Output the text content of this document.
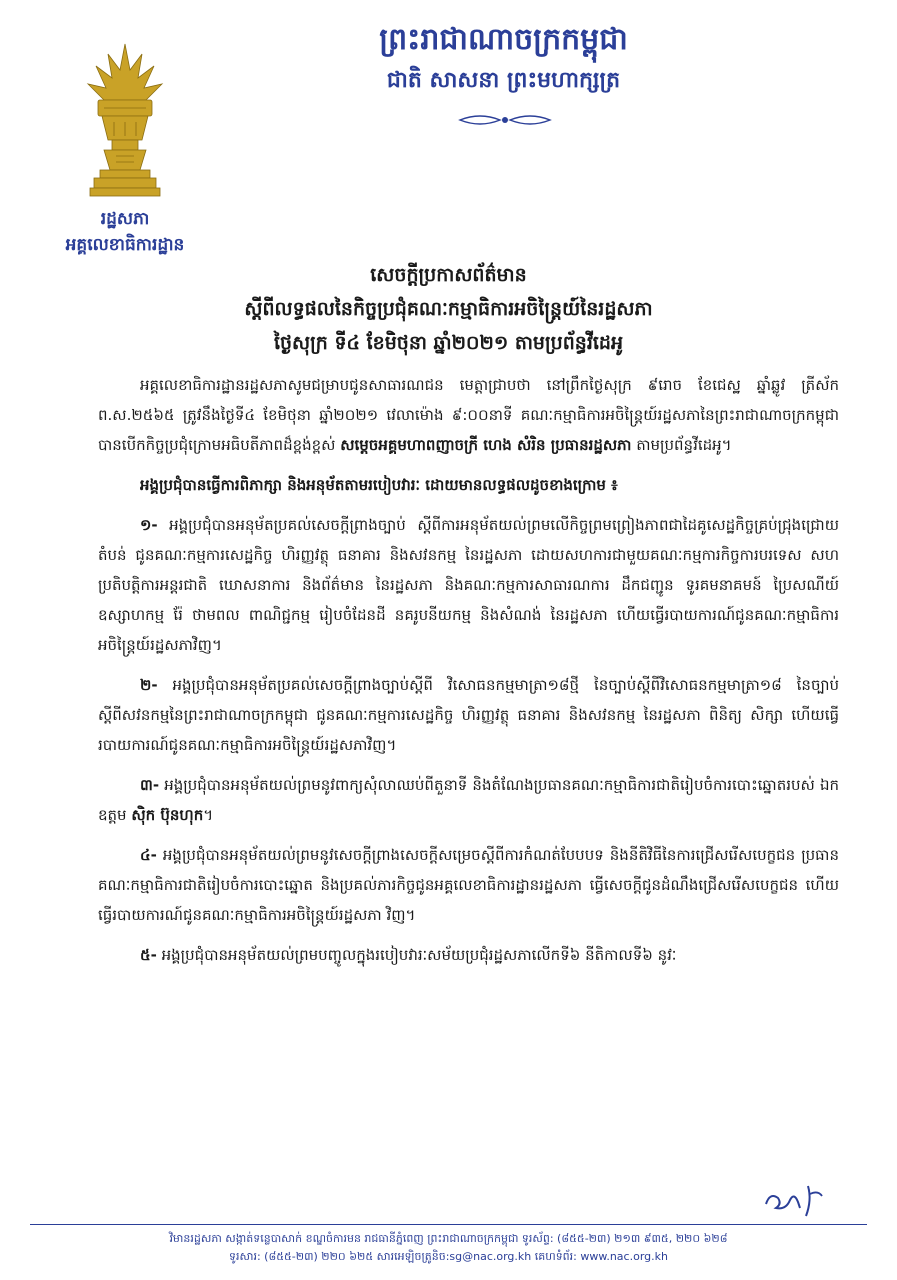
ព្រះរាជាណាចក្រកម្ពុជា
ជាតិ សាសនា ព្រះមហាក្សត្រ
រដ្ឋសភា
អគ្គលេខាធិការដ្ឋាន
សេចក្តីប្រកាសព័ត៌មាន
ស្តីពីលទ្ធផលនៃកិច្ចប្រជុំគណៈកម្មាធិការអចិន្ត្រៃយ៍នៃរដ្ឋសភា
ថ្ងៃសុក្រ ទី៤ ខែមិថុនា ឆ្នាំ២០២១ តាមប្រព័ន្ធវីដេអូ

អគ្គលេខាធិការដ្ឋានរដ្ឋសភាសូមជម្រាបជូនសាធារណជន មេត្តាជ្រាបថា នៅព្រឹកថ្ងៃសុក្រ ៩រោច ខែជេស្ឋ ឆ្នាំឆ្លូវ ត្រីស័ក ព.ស.២៥៦៥ ត្រូវនឹងថ្ងៃទី៤ ខែមិថុនា ឆ្នាំ២០២១ វេលាម៉ោង ៩:០០នាទី គណៈកម្មាធិការអចិន្ត្រៃយ៍រដ្ឋសភានៃព្រះរាជាណាចក្រកម្ពុជា បានបើកកិច្ចប្រជុំក្រោមអធិបតីភាពដ៏ខ្ពង់ខ្ពស់ សម្តេចអគ្គមហាពញាចក្រី ហេង សំរិន ប្រធានរដ្ឋសភា តាមប្រព័ន្ធវីដេអូ។

អង្គប្រជុំបានធ្វើការពិភាក្សា និងអនុម័តតាមរបៀបវារៈ ដោយមានលទ្ធផលដូចខាងក្រោម ៖

១- អង្គប្រជុំបានអនុម័តប្រគល់សេចក្តីព្រាងច្បាប់ ស្តីពីការអនុម័តយល់ព្រមលើកិច្ចព្រមព្រៀងភាពជាដៃគូសេដ្ឋកិច្ចគ្រប់ជ្រុងជ្រោយតំបន់ ជូនគណៈកម្មការសេដ្ឋកិច្ច ហិរញ្ញវត្ថុ ធនាគារ និងសវនកម្ម នៃរដ្ឋសភា ដោយសហការជាមួយគណៈកម្មការកិច្ចការបរទេស សហប្រតិបត្តិការអន្តរជាតិ ឃោសនាការ និងព័ត៌មាន នៃរដ្ឋសភា និងគណៈកម្មការសាធារណការ ដឹកជញ្ជូន ទូរគមនាគមន៍ ប្រៃសណីយ៍ ឧស្សាហកម្ម រ៉ែ ថាមពល ពាណិជ្ជកម្ម រៀបចំដែនដី នគរូបនីយកម្ម និងសំណង់ នៃរដ្ឋសភា ហើយធ្វើរបាយការណ៍ជូនគណៈកម្មាធិការអចិន្ត្រៃយ៍រដ្ឋសភាវិញ។

២- អង្គប្រជុំបានអនុម័តប្រគល់សេចក្តីព្រាងច្បាប់ស្តីពី វិសោធនកម្មមាត្រា១៨ថ្មី នៃច្បាប់ស្តីពីវិសោធនកម្មមាត្រា១៨ នៃច្បាប់ស្តីពីសវនកម្មនៃព្រះរាជាណាចក្រកម្ពុជា ជូនគណៈកម្មការសេដ្ឋកិច្ច ហិរញ្ញវត្ថុ ធនាគារ និងសវនកម្ម នៃរដ្ឋសភា ពិនិត្យ សិក្សា ហើយធ្វើរបាយការណ៍ជូនគណៈកម្មាធិការអចិន្ត្រៃយ៍រដ្ឋសភាវិញ។

៣- អង្គប្រជុំបានអនុម័តយល់ព្រមនូវពាក្យសុំលាឈប់ពីតួនាទី និងតំណែងប្រធានគណៈកម្មាធិការជាតិរៀបចំការបោះឆ្នោតរបស់ ឯកឧត្តម ស៊ិក ប៊ុនហុក។

៤- អង្គប្រជុំបានអនុម័តយល់ព្រមនូវសេចក្តីព្រាងសេចក្តីសម្រេចស្តីពីការកំណត់បែបបទ និងនីតិវិធីនៃការជ្រើសរើសបេក្ខជន ប្រធានគណៈកម្មាធិការជាតិរៀបចំការបោះឆ្នោត និងប្រគល់ភារកិច្ចជូនអគ្គលេខាធិការដ្ឋានរដ្ឋសភា ធ្វើសេចក្តីជូនដំណឹងជ្រើសរើសបេក្ខជន ហើយធ្វើរបាយការណ៍ជូនគណៈកម្មាធិការអចិន្ត្រៃយ៍រដ្ឋសភា វិញ។

៥- អង្គប្រជុំបានអនុម័តយល់ព្រមបញ្ចូលក្នុងរបៀបវារៈសម័យប្រជុំរដ្ឋសភាលើកទី៦ នីតិកាលទី៦ នូវៈ

វិមានរដ្ឋសភា សង្កាត់ទន្លេបាសាក់ ខណ្ឌចំការមន រាជធានីភ្នំពេញ ព្រះរាជាណាចក្រកម្ពុជា ទូរស័ព្ទ: (៨៥៥-២៣) ២១៣ ៩៣៥, ២២០ ៦២៨
ទូរសារ: (៨៥៥-២៣) ២២០ ៦២៥ សារអេឡិចត្រូនិច:sg@nac.org.kh គេហទំព័រ: www.nac.org.kh
